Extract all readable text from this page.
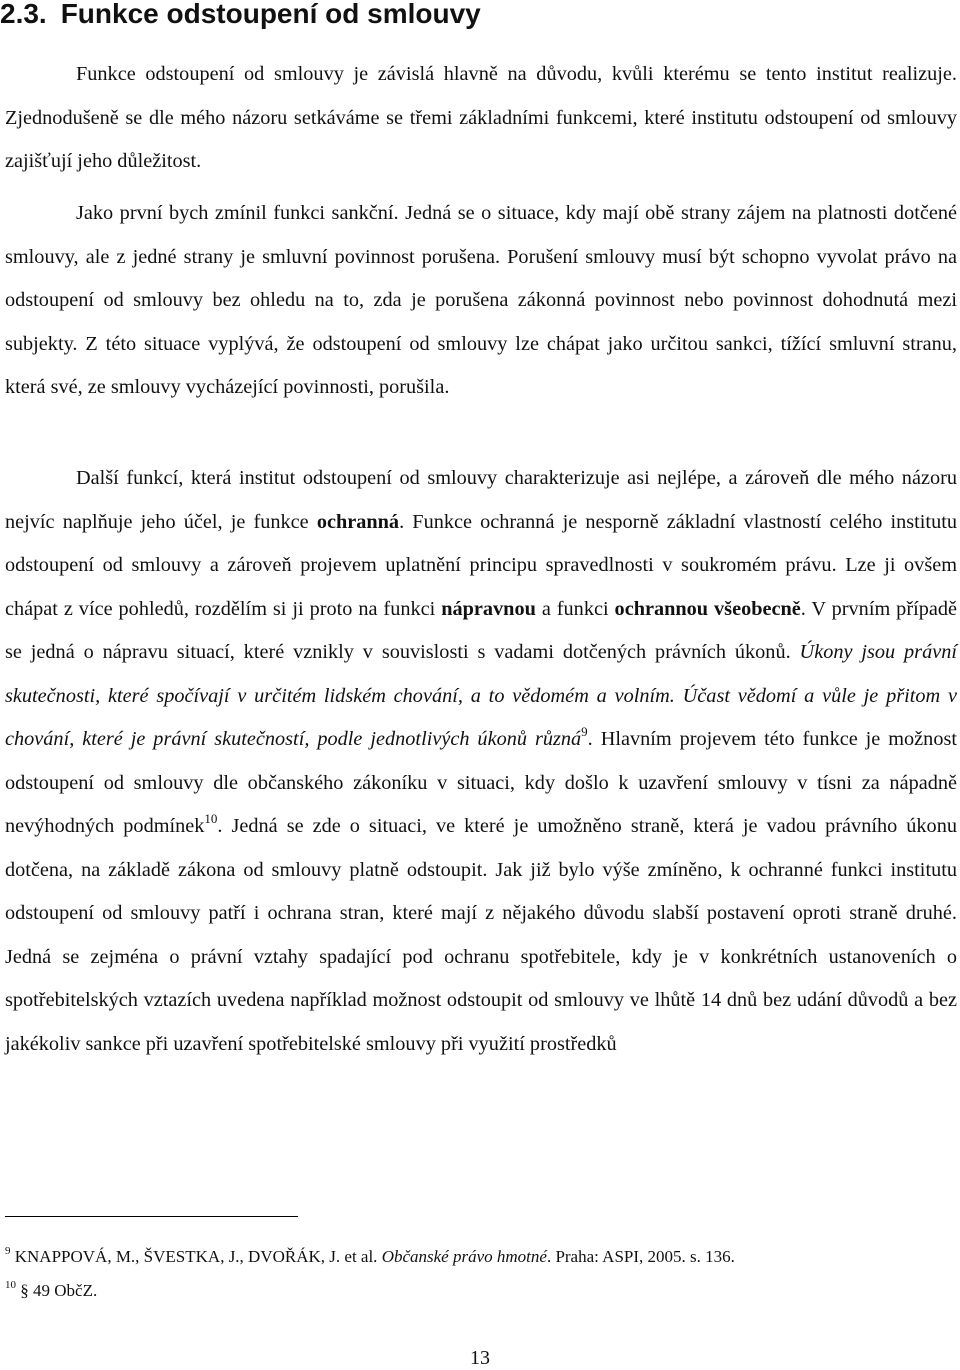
2.3. Funkce odstoupení od smlouvy

Funkce odstoupení od smlouvy je závislá hlavně na důvodu, kvůli kterému se tento institut realizuje. Zjednodušeně se dle mého názoru setkáváme se třemi základními funkcemi, které institutu odstoupení od smlouvy zajišťují jeho důležitost.

Jako první bych zmínil funkci sankční. Jedná se o situace, kdy mají obě strany zájem na platnosti dotčené smlouvy, ale z jedné strany je smluvní povinnost porušena. Porušení smlouvy musí být schopno vyvolat právo na odstoupení od smlouvy bez ohledu na to, zda je porušena zákonná povinnost nebo povinnost dohodnutá mezi subjekty. Z této situace vyplývá, že odstoupení od smlouvy lze chápat jako určitou sankci, tížící smluvní stranu, která své, ze smlouvy vycházející povinnosti, porušila.

Další funkcí, která institut odstoupení od smlouvy charakterizuje asi nejlépe, a zároveň dle mého názoru nejvíc naplňuje jeho účel, je funkce ochranná. Funkce ochranná je nesporně základní vlastností celého institutu odstoupení od smlouvy a zároveň projevem uplatnění principu spravedlnosti v soukromém právu. Lze ji ovšem chápat z více pohledů, rozdělím si ji proto na funkci nápravnou a funkci ochrannou všeobecně. V prvním případě se jedná o nápravu situací, které vznikly v souvislosti s vadami dotčených právních úkonů. Úkony jsou právní skutečnosti, které spočívají v určitém lidském chování, a to vědomém a volním. Účast vědomí a vůle je přitom v chování, které je právní skutečností, podle jednotlivých úkonů různá$^9$. Hlavním projevem této funkce je možnost odstoupení od smlouvy dle občanského zákoníku v situaci, kdy došlo k uzavření smlouvy v tísni za nápadně nevýhodných podmínek$^{10}$. Jedná se zde o situaci, ve které je umožněno straně, která je vadou právního úkonu dotčena, na základě zákona od smlouvy platně odstoupit. Jak již bylo výše zmíněno, k ochranné funkci institutu odstoupení od smlouvy patří i ochrana stran, které mají z nějakého důvodu slabší postavení oproti straně druhé. Jedná se zejména o právní vztahy spadající pod ochranu spotřebitele, kdy je v konkrétních ustanoveních o spotřebitelských vztazích uvedena například možnost odstoupit od smlouvy ve lhůtě 14 dnů bez udání důvodů a bez jakékoliv sankce při uzavření spotřebitelské smlouvy při využití prostředků

$^9$ KNAPPOVÁ, M., ŠVESTKA, J., DVOŘÁK, J. et al. Občanské právo hmotné. Praha: ASPI, 2005. s. 136.

$^{10}$ § 49 ObčZ.

13
